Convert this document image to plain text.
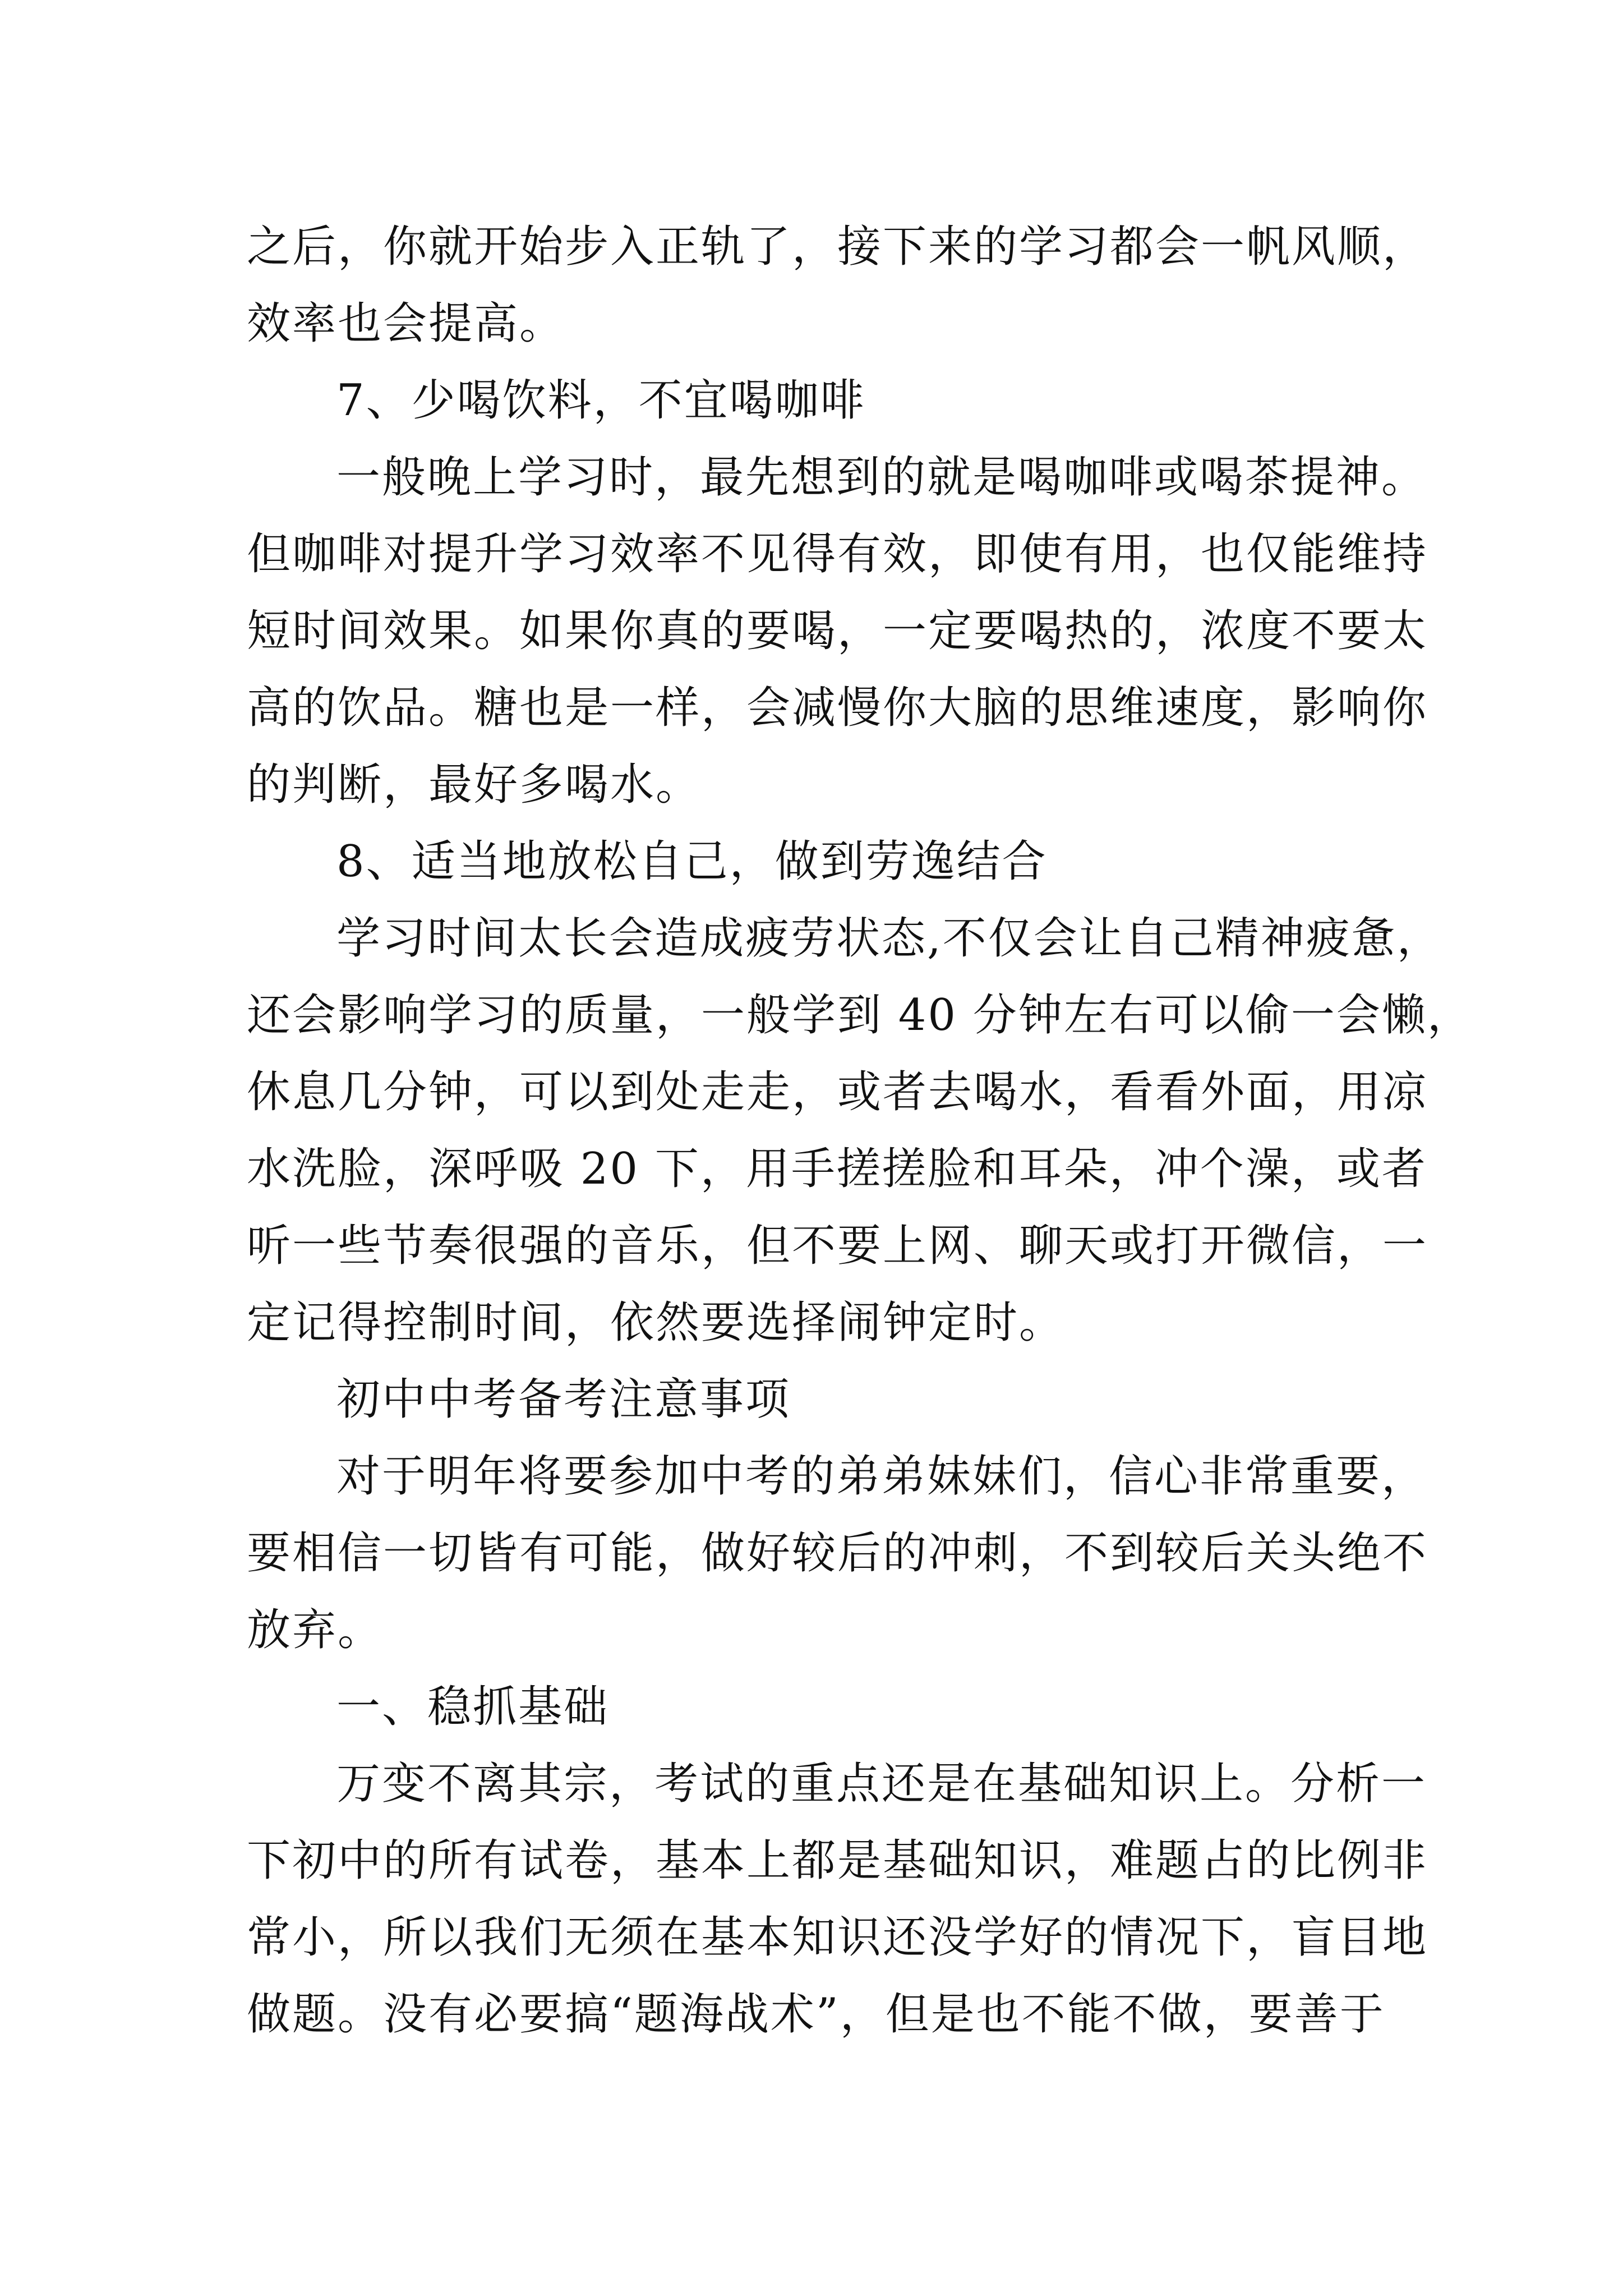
之后，你就开始步入正轨了，接下来的学习都会一帆风顺，

效率也会提高。

7、少喝饮料，不宜喝咖啡

一般晚上学习时，最先想到的就是喝咖啡或喝茶提神。

但咖啡对提升学习效率不见得有效，即使有用，也仅能维持

短时间效果。如果你真的要喝，一定要喝热的，浓度不要太

高的饮品。糖也是一样，会减慢你大脑的思维速度，影响你

的判断，最好多喝水。

8、适当地放松自己，做到劳逸结合

学习时间太长会造成疲劳状态,不仅会让自己精神疲惫，

还会影响学习的质量，一般学到 40 分钟左右可以偷一会懒，

休息几分钟，可以到处走走，或者去喝水，看看外面，用凉

水洗脸，深呼吸 20 下，用手搓搓脸和耳朵，冲个澡，或者

听一些节奏很强的音乐，但不要上网、聊天或打开微信，一

定记得控制时间，依然要选择闹钟定时。

初中中考备考注意事项

对于明年将要参加中考的弟弟妹妹们，信心非常重要，

要相信一切皆有可能，做好较后的冲刺，不到较后关头绝不

放弃。

一、稳抓基础

万变不离其宗，考试的重点还是在基础知识上。分析一

下初中的所有试卷，基本上都是基础知识，难题占的比例非

常小，所以我们无须在基本知识还没学好的情况下，盲目地

做题。没有必要搞“题海战术”，但是也不能不做，要善于
